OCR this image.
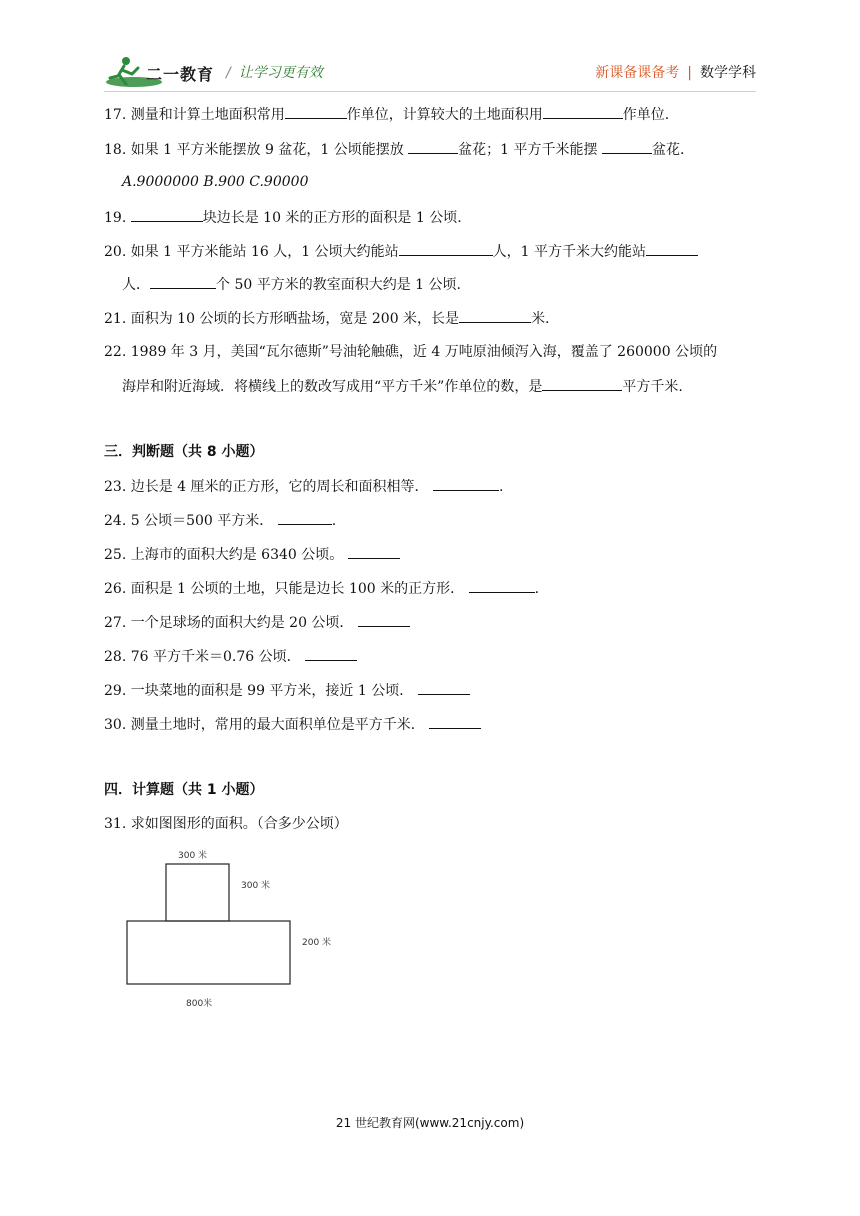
二一教育 / 让学习更有效	新课备课备考 | 数学学科
17. 测量和计算土地面积常用	作单位，计算较大的土地面积用	作单位.
18. 如果 1 平方米能摆放 9 盆花，1 公顷能摆放	盆花；1 平方千米能摆	盆花.
A.9000000 B.900 C.90000
19.	块边长是 10 米的正方形的面积是 1 公顷.
20. 如果 1 平方米能站 16 人，1 公顷大约能站	人，1 平方千米大约能站
人．	个 50 平方米的教室面积大约是 1 公顷.
21. 面积为 10 公顷的长方形晒盐场，宽是 200 米，长是	米.
22. 1989 年 3 月，美国“瓦尔德斯”号油轮触礁，近 4 万吨原油倾泻入海，覆盖了 260000 公顷的
海岸和附近海域．将横线上的数改写成用“平方千米”作单位的数，是	平方千米.
三．判断题（共 8 小题）
23. 边长是 4 厘米的正方形，它的周长和面积相等．	.
24. 5 公顷＝500 平方米．	.
25. 上海市的面积大约是 6340 公顷。
26. 面积是 1 公顷的土地，只能是边长 100 米的正方形．	.
27. 一个足球场的面积大约是 20 公顷．
28. 76 平方千米＝0.76 公顷．
29. 一块菜地的面积是 99 平方米，接近 1 公顷．
30. 测量土地时，常用的最大面积单位是平方千米．
四．计算题（共 1 小题）
31. 求如图图形的面积。（合多少公顷）
300 米
300 米
200 米
800米
21 世纪教育网(www.21cnjy.com)
